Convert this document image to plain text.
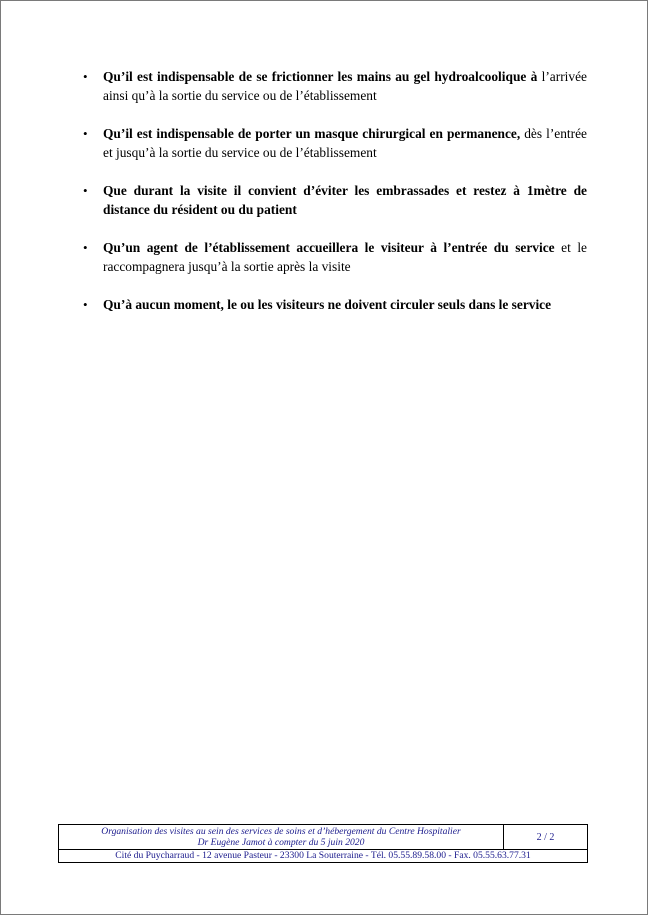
• Qu’il est indispensable de se frictionner les mains au gel hydroalcoolique à l’arrivée ainsi qu’à la sortie du service ou de l’établissement
• Qu’il est indispensable de porter un masque chirurgical en permanence, dès l’entrée et jusqu’à la sortie du service ou de l’établissement
• Que durant la visite il convient d’éviter les embrassades et restez à 1mètre de distance du résident ou du patient
• Qu’un agent de l’établissement accueillera le visiteur à l’entrée du service et le raccompagnera jusqu’à la sortie après la visite
• Qu’à aucun moment, le ou les visiteurs ne doivent circuler seuls dans le service
Organisation des visites au sein des services de soins et d’hébergement du Centre Hospitalier
Dr Eugène Jamot à compter du 5 juin 2020	2 / 2
Cité du Puycharraud - 12 avenue Pasteur - 23300 La Souterraine - Tél. 05.55.89.58.00 - Fax. 05.55.63.77.31
